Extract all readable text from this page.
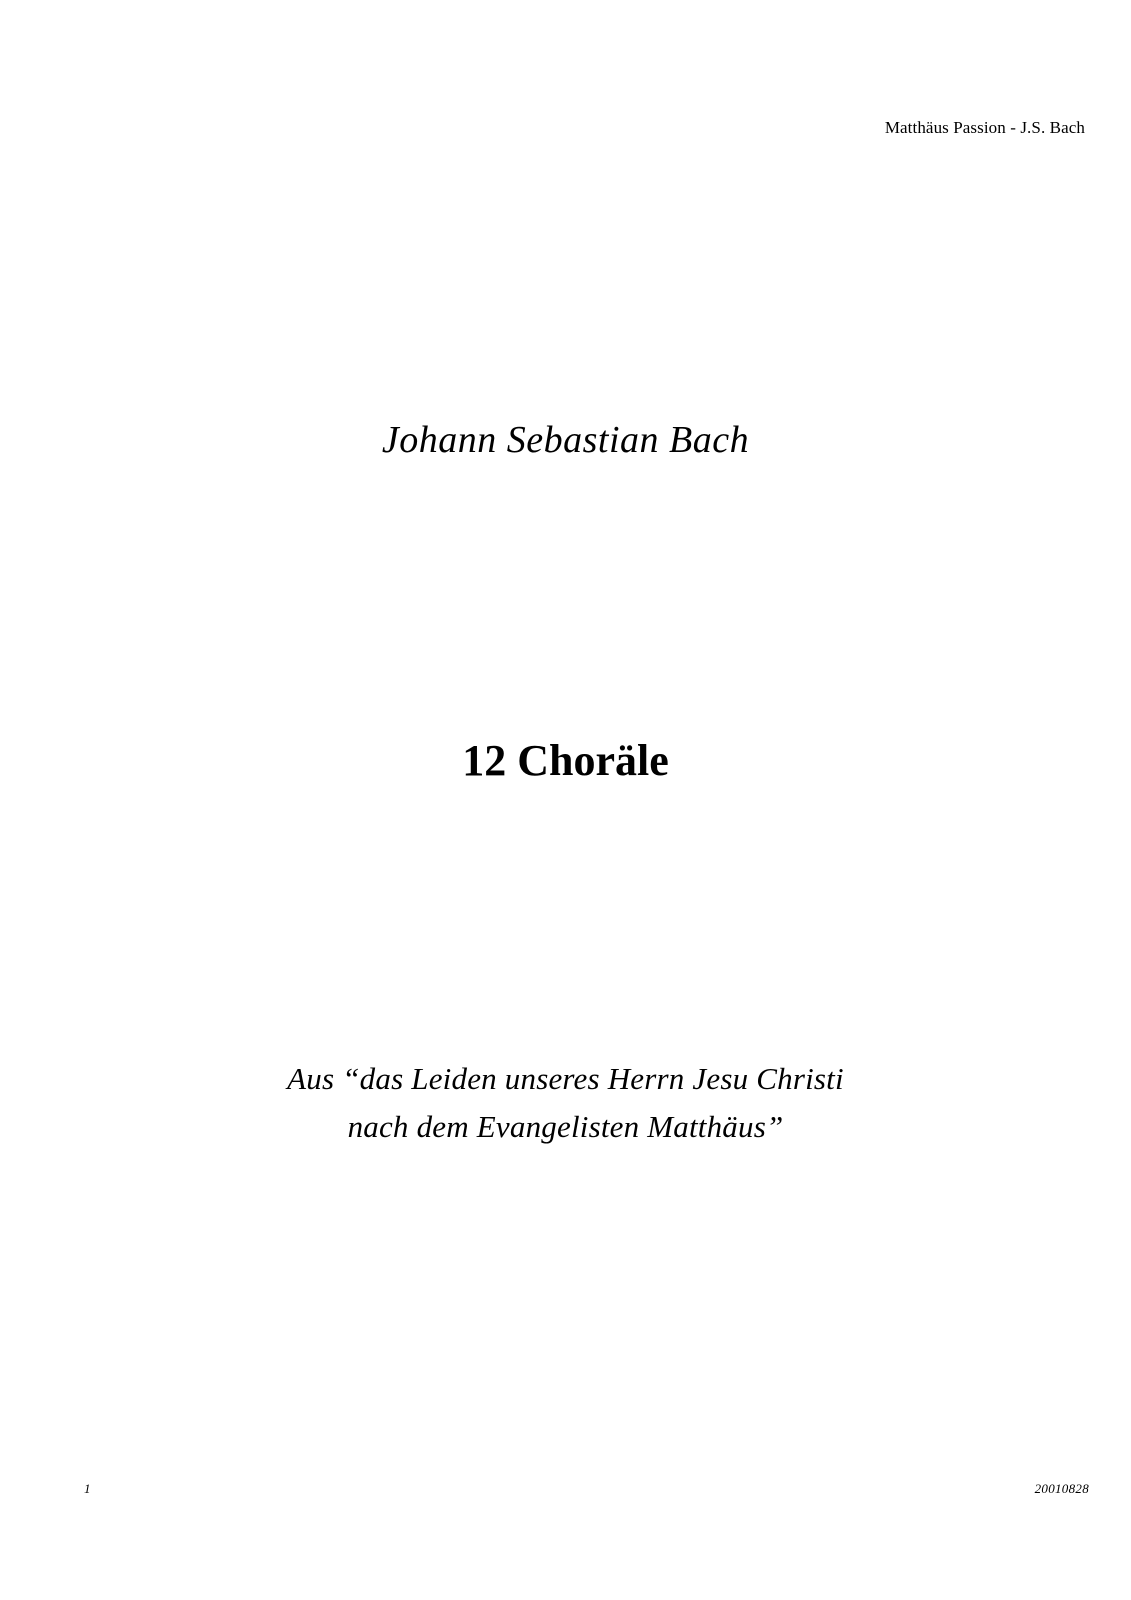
Matthäus Passion - J.S. Bach
Johann Sebastian Bach
12 Choräle
Aus “das Leiden unseres Herrn Jesu Christi
nach dem Evangelisten Matthäus”
1	20010828
